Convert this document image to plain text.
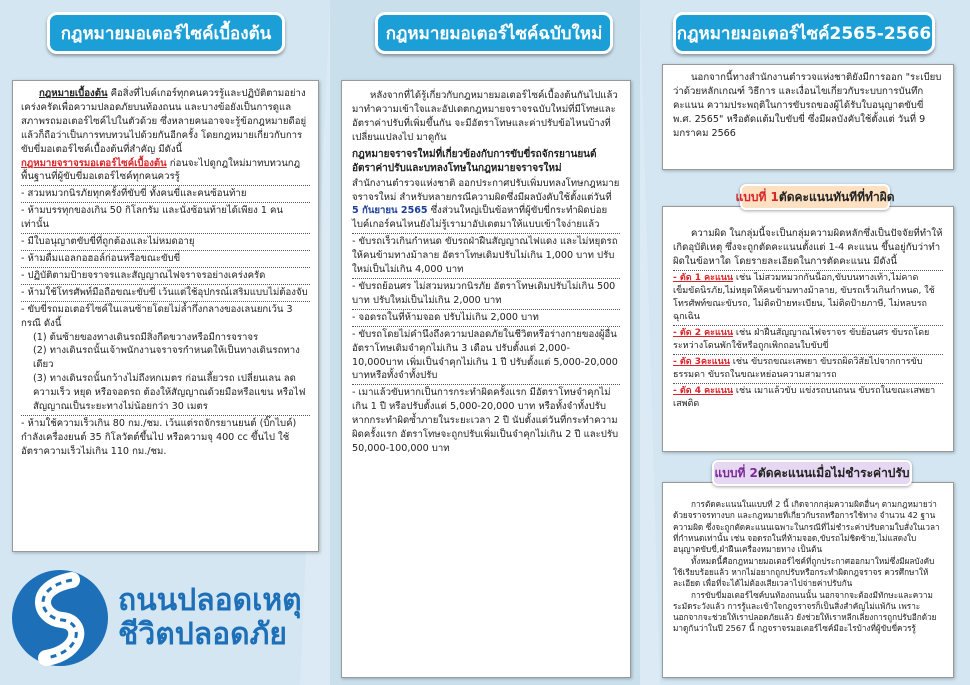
กฎหมายมอเตอร์ไซค์เบื้องต้น	กฎหมายมอเตอร์ไซค์ฉบับใหม่	กฎหมายมอเตอร์ไซค์2565-2566

กฎหมายเบื้องต้น คือสิ่งที่ไบค์เกอร์ทุกคนควรรู้และปฏิบัติตามอย่างเคร่งครัดเพื่อความปลอดภัยบนท้องถนน และบางข้อยังเป็นการดูแลสภาพรถมอเตอร์ไซค์ไปในตัวด้วย ซึ่งหลายคนอาจจะรู้ข้อกฎหมายดีอยู่แล้วก็ถือว่าเป็นการทบทวนไปด้วยกันอีกครั้ง โดยกฎหมายเกี่ยวกับการขับขี่มอเตอร์ไซค์เบื้องต้นที่สำคัญ มีดังนี้

กฎหมายจราจรมอเตอร์ไซค์เบื้องต้น ก่อนจะไปดูกฎใหม่มาทบทวนกฎพื้นฐานที่ผู้ขับขี่มอเตอร์ไซค์ทุกคนควรรู้

- สวมหมวกนิรภัยทุกครั้งที่ขับขี่ ทั้งคนขี่และคนซ้อนท้าย
- ห้ามบรรทุกของเกิน 50 กิโลกรัม และนั่งซ้อนท้ายได้เพียง 1 คนเท่านั้น
- มีใบอนุญาตขับขี่ที่ถูกต้องและไม่หมดอายุ
- ห้ามดื่มแอลกอฮอล์ก่อนหรือขณะขับขี่
- ปฏิบัติตามป้ายจราจรและสัญญาณไฟจราจรอย่างเคร่งครัด
- ห้ามใช้โทรศัพท์มือถือขณะขับขี่ เว้นแต่ใช้อุปกรณ์เสริมแบบไม่ต้องจับ
- ขับขี่รถมอเตอร์ไซค์ในเลนซ้ายโดยไม่ล้ำกึ่งกลางของเลนยกเว้น 3 กรณี ดังนี้
(1) ต้นซ้ายของทางเดินรถมีสิ่งกีดขวางหรือมีการจราจร
(2) ทางเดินรถนั้นเจ้าพนักงานจราจรกำหนดให้เป็นทางเดินรถทางเดียว
(3) ทางเดินรถนั้นกว้างไม่ถึงหกเมตร ก่อนเลี้ยวรถ เปลี่ยนเลน ลดความเร็ว หยุด หรือจอดรถ ต้องให้สัญญาณด้วยมือหรือแขน หรือไฟสัญญาณเป็นระยะทางไม่น้อยกว่า 30 เมตร
- ห้ามใช้ความเร็วเกิน 80 กม./ชม. เว้นแต่รถจักรยานยนต์ (บิ๊กไบค์) กำลังเครื่องยนต์ 35 กิโลวัตต์ขึ้นไป หรือความจุ 400 cc ขึ้นไป ใช้อัตราความเร็วไม่เกิน 110 กม./ชม.
ถนนปลอดเหตุ
ชีวิตปลอดภัย

หลังจากที่ได้รู้เกี่ยวกับกฎหมายมอเตอร์ไซค์เบื้องต้นกันไปแล้ว มาทำความเข้าใจและอัปเดตกฎหมายจราจรฉบับใหม่ที่มีโทษและอัตราค่าปรับที่เพิ่มขึ้นกัน จะมีอัตราโทษและค่าปรับข้อไหนบ้างที่เปลี่ยนแปลงไป มาดูกัน

กฎหมายจราจรใหม่ที่เกี่ยวข้องกับการขับขี่รถจักรยานยนต์ อัตราค่าปรับและบทลงโทษในกฎหมายจราจรใหม่

สำนักงานตำรวจแห่งชาติ ออกประกาศปรับเพิ่มบทลงโทษกฎหมายจราจรใหม่ สำหรับหลายกรณีความผิดซึ่งมีผลบังคับใช้ตั้งแต่วันที่ 5 กันยายน 2565 ซึ่งส่วนใหญ่เป็นข้อหาที่ผู้ขับขี่กระทำผิดบ่อย ไบค์เกอร์คนไหนยังไม่รู้เรามาอัปเดตมาให้แบบเข้าใจง่ายแล้ว

- ขับรถเร็วเกินกำหนด ขับรถฝ่าฝืนสัญญาณไฟแดง และไม่หยุดรถให้คนข้ามทางม้าลาย อัตราโทษเดิมปรับไม่เกิน 1,000 บาท ปรับใหม่เป็นไม่เกิน 4,000 บาท
- ขับรถย้อนศร ไม่สวมหมวกนิรภัย อัตราโทษเดิมปรับไม่เกิน 500 บาท ปรับใหม่เป็นไม่เกิน 2,000 บาท
- จอดรถในที่ห้ามจอด ปรับไม่เกิน 2,000 บาท
- ขับรถโดยไม่คำนึงถึงความปลอดภัยในชีวิตหรือร่างกายของผู้อื่น อัตราโทษเดิมจำคุกไม่เกิน 3 เดือน ปรับตั้งแต่ 2,000-10,000บาท เพิ่มเป็นจำคุกไม่เกิน 1 ปี ปรับตั้งแต่ 5,000-20,000 บาทหรือทั้งจำทั้งปรับ
- เมาแล้วขับหากเป็นการกระทำผิดครั้งแรก มีอัตราโทษจำคุกไม่เกิน 1 ปี หรือปรับตั้งแต่ 5,000-20,000 บาท หรือทั้งจำทั้งปรับ หากกระทำผิดซ้ำภายในระยะเวลา 2 ปี นับตั้งแต่วันที่กระทำความผิดครั้งแรก อัตราโทษจะถูกปรับเพิ่มเป็นจำคุกไม่เกิน 2 ปี และปรับ 50,000-100,000 บาท

นอกจากนี้ทางสำนักงานตำรวจแห่งชาติยังมีการออก "ระเบียบว่าด้วยหลักเกณฑ์ วิธีการ และเงื่อนไขเกี่ยวกับระบบการบันทึกคะแนน ความประพฤติในการขับรถของผู้ได้รับใบอนุญาตขับขี่ พ.ศ. 2565" หรือตัดแต้มใบขับขี่ ซึ่งมีผลบังคับใช้ตั้งแต่ วันที่ 9 มกราคม 2566

แบบที่ 1 ตัดคะแนนทันทีที่ทำผิด

ความผิด ในกลุ่มนี้จะเป็นกลุ่มความผิดหลักซึ่งเป็นปัจจัยที่ทำให้เกิดอุบัติเหตุ ซึ่งจะถูกตัดคะแนนตั้งแต่ 1-4 คะแนน ขึ้นอยู่กับว่าทำผิดในข้อหาใด โดยรายละเอียดในการตัดคะแนน มีดังนี้

- ตัด 1 คะแนน เช่น ไม่สวมหมวกกันน็อก,ขับบนทางเท้า,ไม่คาดเข็มขัดนิรภัย,ไม่หยุดให้คนข้ามทางม้าลาย, ขับรถเร็วเกินกำหนด, ใช้โทรศัพท์ขณะขับรถ, ไม่ติดป้ายทะเบียน, ไม่ติดป้ายภาษี, ไม่หลบรถฉุกเฉิน
- ตัด 2 คะแนน เช่น ฝ่าฝืนสัญญาณไฟจราจร ขับย้อนศร ขับรถโดยระหว่างโดนพักใช้หรือถูกเพิกถอนใบขับขี่
- ตัด 3คะแนน เช่น ขับรถขณะเสพยา ขับรถผิดวิสัยไปจากการขับธรรมดา ขับรถในขณะหย่อนความสามารถ
- ตัด 4 คะแนน เช่น เมาแล้วขับ แข่งรถบนถนน ขับรถในขณะเสพยาเสพติด
แบบที่ 2 ตัดคะแนนเมื่อไม่ชำระค่าปรับ

การตัดคะแนนในแบบที่ 2 นี้ เกิดจากกลุ่มความผิดอื่นๆ ตามกฎหมายว่าด้วยจราจรทางบก และกฎหมายที่เกี่ยวกับรถหรือการใช้ทาง จำนวน 42 ฐานความผิด ซึ่งจะถูกตัดคะแนนเฉพาะในกรณีที่ไม่ชำระค่าปรับตามใบสั่งในเวลาที่กำหนดเท่านั้น เช่น จอดรถในที่ห้ามจอด,ขับรถไม่ชิดซ้าย,ไม่แสดงใบอนุญาตขับขี่,ฝ่าฝืนเครื่องหมายทาง เป็นต้น

ทั้งหมดนี้คือกฎหมายมอเตอร์ไซค์ที่ถูกประกาศออกมาใหม่ซึ่งมีผลบังคับใช้เรียบร้อยแล้ว หากไม่อยากถูกปรับหรือกระทำผิดกฎจราจร ควรศึกษาให้ละเอียด เพื่อที่จะได้ไม่ต้องเสียเวลาไปจ่ายค่าปรับกัน

การขับขี่มอเตอร์ไซค์บนท้องถนนนั้น นอกจากจะต้องมีทักษะและความระมัดระวังแล้ว การรู้และเข้าใจกฎจราจรก็เป็นสิ่งสำคัญไม่แพ้กัน เพราะนอกจากจะช่วยให้เราปลอดภัยแล้ว ยังช่วยให้เราหลีกเลี่ยงการถูกปรับอีกด้วย มาดูกันว่าในปี 2567 นี้ กฎจราจรมอเตอร์ไซค์มีอะไรบ้างที่ผู้ขับขี่ควรรู้
